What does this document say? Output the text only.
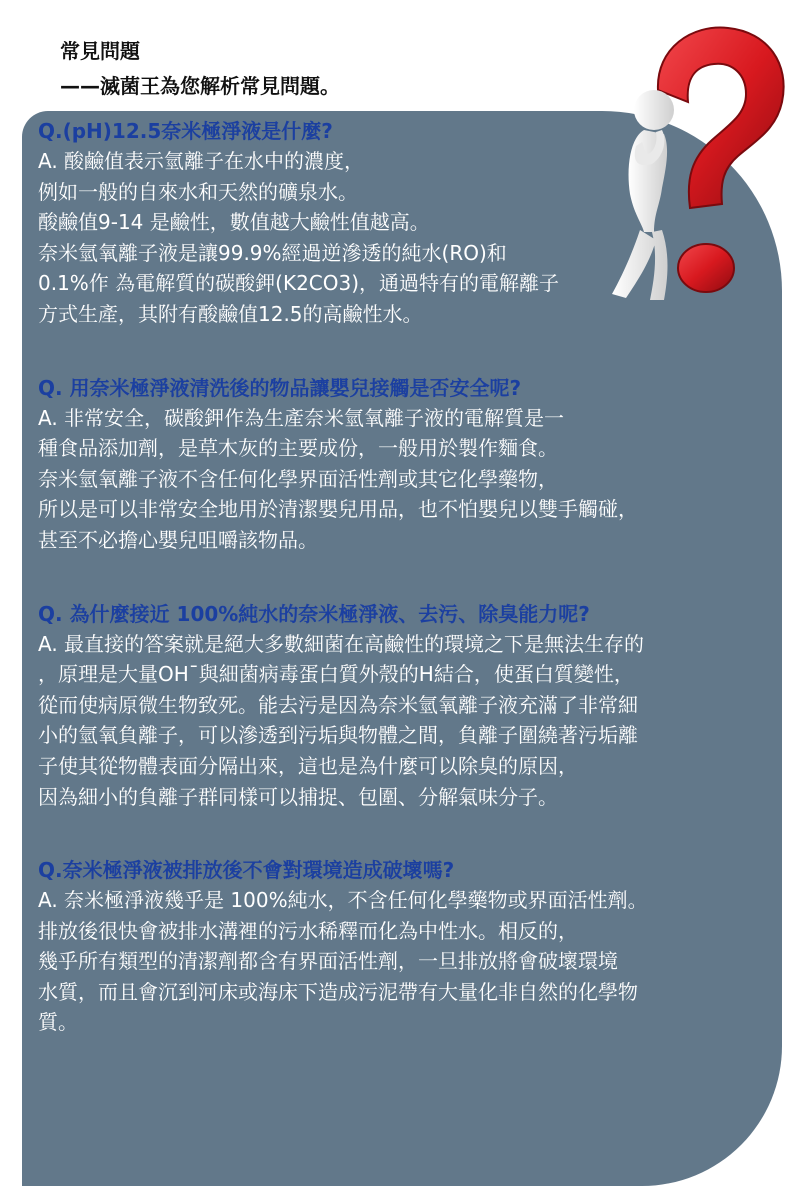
常見問題
——滅菌王為您解析常見問題。
Q.(pH)12.5奈米極淨液是什麼?
A. 酸鹼值表示氫離子在水中的濃度，
例如一般的自來水和天然的礦泉水。
酸鹼值9-14 是鹼性，數值越大鹼性值越高。
奈米氫氧離子液是讓99.9%經過逆滲透的純水(RO)和
0.1%作 為電解質的碳酸鉀(K2CO3)，通過特有的電解離子
方式生產，其附有酸鹼值12.5的高鹼性水。
Q. 用奈米極淨液清洗後的物品讓嬰兒接觸是否安全呢?
A. 非常安全，碳酸鉀作為生產奈米氫氧離子液的電解質是一
種食品添加劑，是草木灰的主要成份，一般用於製作麵食。
奈米氫氧離子液不含任何化學界面活性劑或其它化學藥物，
所以是可以非常安全地用於清潔嬰兒用品，也不怕嬰兒以雙手觸碰，
甚至不必擔心嬰兒咀嚼該物品。
Q. 為什麼接近 100%純水的奈米極淨液、去污、除臭能力呢?
A. 最直接的答案就是絕大多數細菌在高鹼性的環境之下是無法生存的
，原理是大量OH¯與細菌病毒蛋白質外殼的H結合，使蛋白質變性，
從而使病原微生物致死。能去污是因為奈米氫氧離子液充滿了非常細
小的氫氧負離子，可以滲透到污垢與物體之間，負離子圍繞著污垢離
子使其從物體表面分隔出來，這也是為什麼可以除臭的原因，
因為細小的負離子群同樣可以捕捉、包圍、分解氣味分子。
Q.奈米極淨液被排放後不會對環境造成破壞嗎?
A. 奈米極淨液幾乎是 100%純水，不含任何化學藥物或界面活性劑。
排放後很快會被排水溝裡的污水稀釋而化為中性水。相反的，
幾乎所有類型的清潔劑都含有界面活性劑，一旦排放將會破壞環境
水質，而且會沉到河床或海床下造成污泥帶有大量化非自然的化學物
質。
